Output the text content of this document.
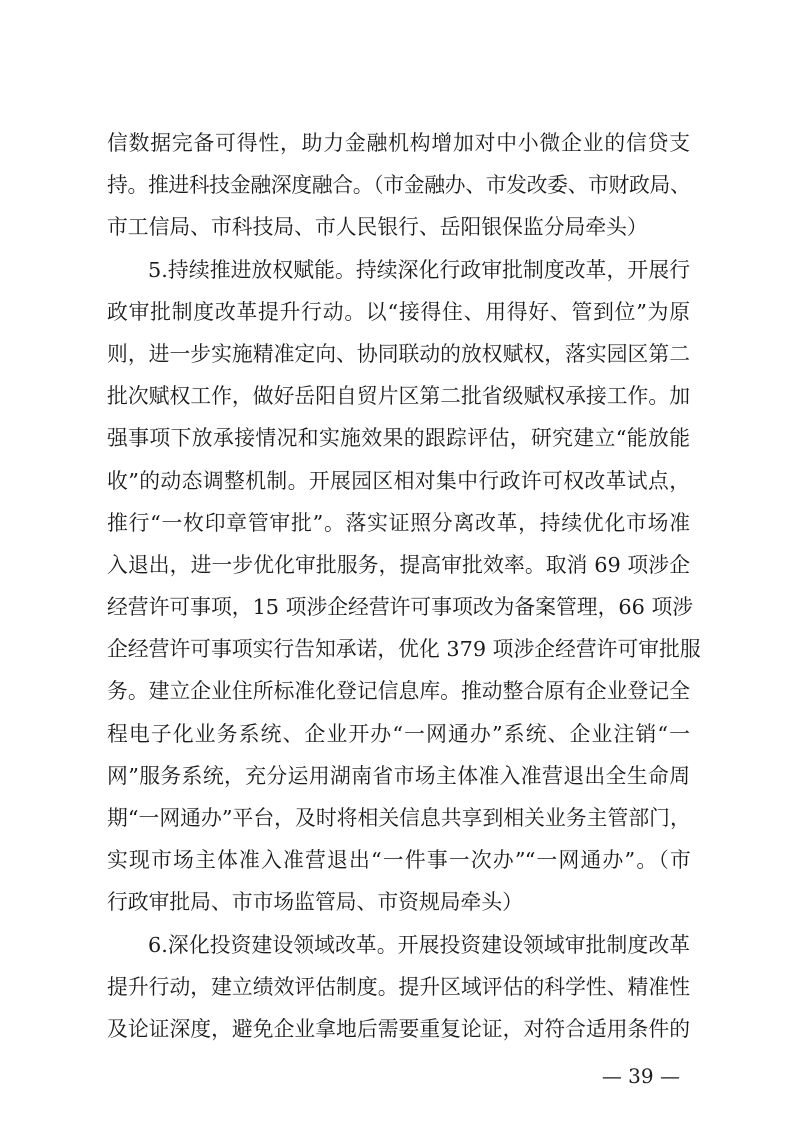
信数据完备可得性，助力金融机构增加对中小微企业的信贷支
持。推进科技金融深度融合。（市金融办、市发改委、市财政局、
市工信局、市科技局、市人民银行、岳阳银保监分局牵头）
5.持续推进放权赋能。持续深化行政审批制度改革，开展行
政审批制度改革提升行动。以“接得住、用得好、管到位”为原
则，进一步实施精准定向、协同联动的放权赋权，落实园区第二
批次赋权工作，做好岳阳自贸片区第二批省级赋权承接工作。加
强事项下放承接情况和实施效果的跟踪评估，研究建立“能放能
收”的动态调整机制。开展园区相对集中行政许可权改革试点，
推行“一枚印章管审批”。落实证照分离改革，持续优化市场准
入退出，进一步优化审批服务，提高审批效率。取消 69 项涉企
经营许可事项，15 项涉企经营许可事项改为备案管理，66 项涉
企经营许可事项实行告知承诺，优化 379 项涉企经营许可审批服
务。建立企业住所标准化登记信息库。推动整合原有企业登记全
程电子化业务系统、企业开办“一网通办”系统、企业注销“一
网”服务系统，充分运用湖南省市场主体准入准营退出全生命周
期“一网通办”平台，及时将相关信息共享到相关业务主管部门，
实现市场主体准入准营退出“一件事一次办”“一网通办”。（市
行政审批局、市市场监管局、市资规局牵头）
6.深化投资建设领域改革。开展投资建设领域审批制度改革
提升行动，建立绩效评估制度。提升区域评估的科学性、精准性
及论证深度，避免企业拿地后需要重复论证，对符合适用条件的
— 39 —
